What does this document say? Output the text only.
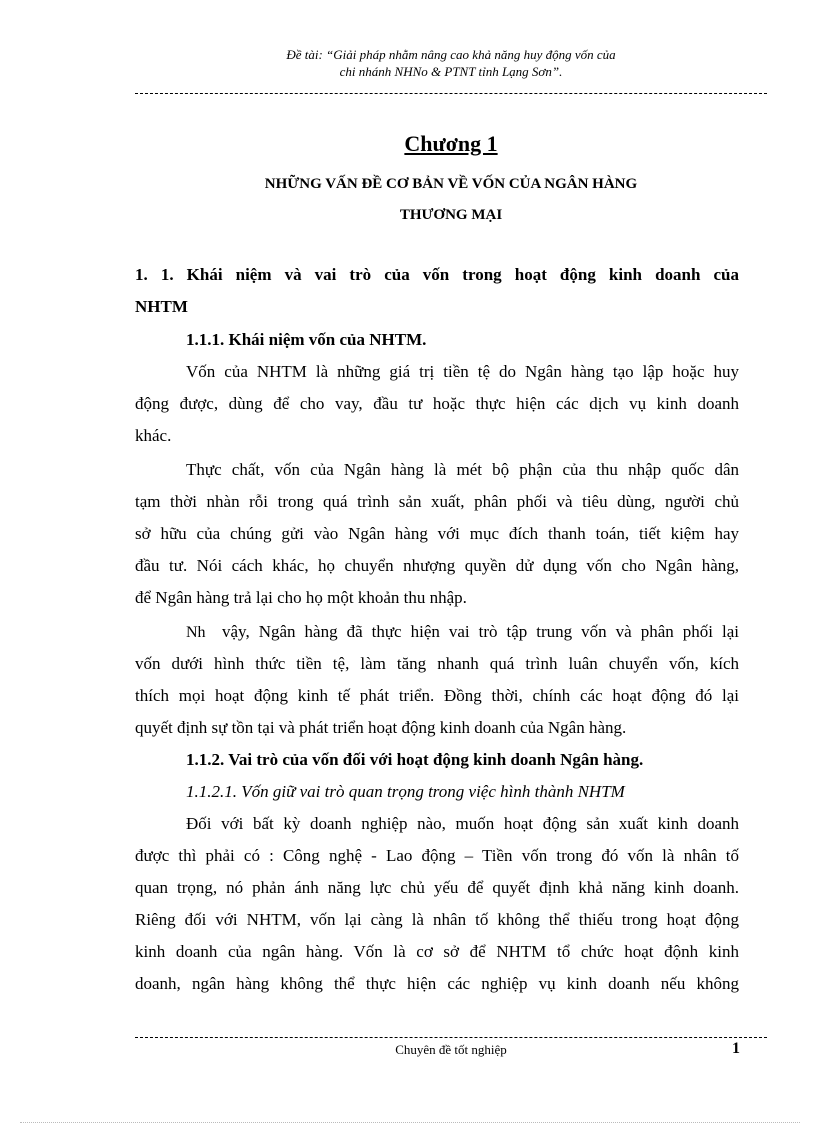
Đề tài: “Giải pháp nhằm nâng cao khả năng huy động vốn của
chi nhánh NHNo & PTNT tỉnh Lạng Sơn”.
Chương 1
NHỮNG VẤN ĐỀ CƠ BẢN VỀ VỐN CỦA NGÂN HÀNG
THƯƠNG MẠI
1. 1. Khái niệm và vai trò của vốn trong hoạt động kinh doanh của
NHTM
1.1.1. Khái niệm vốn của NHTM.
Vốn của NHTM là những giá trị tiền tệ do Ngân hàng tạo lập hoặc huy
động được, dùng để cho vay, đầu tư hoặc thực hiện các dịch vụ kinh doanh
khác.
Thực chất, vốn của Ngân hàng là mét bộ phận của thu nhập quốc dân
tạm thời nhàn rỗi trong quá trình sản xuất, phân phối và tiêu dùng, người chủ
sở hữu của chúng gửi vào Ngân hàng với mục đích thanh toán, tiết kiệm hay
đầu tư. Nói cách khác, họ chuyển nhượng quyền dử dụng vốn cho Ngân hàng,
để Ngân hàng trả lại cho họ một khoản thu nhập.
Nh vậy, Ngân hàng đã thực hiện vai trò tập trung vốn và phân phối lại
vốn dưới hình thức tiền tệ, làm tăng nhanh quá trình luân chuyển vốn, kích
thích mọi hoạt động kinh tế phát triển. Đồng thời, chính các hoạt động đó lại
quyết định sự tồn tại và phát triển hoạt động kinh doanh của Ngân hàng.
1.1.2. Vai trò của vốn đối với hoạt động kinh doanh Ngân hàng.
1.1.2.1. Vốn giữ vai trò quan trọng trong việc hình thành NHTM
Đối với bất kỳ doanh nghiệp nào, muốn hoạt động sản xuất kinh doanh
được thì phải có : Công nghệ - Lao động – Tiền vốn trong đó vốn là nhân tố
quan trọng, nó phản ánh năng lực chủ yếu để quyết định khả năng kinh doanh.
Riêng đối với NHTM, vốn lại càng là nhân tố không thể thiếu trong hoạt động
kinh doanh của ngân hàng. Vốn là cơ sở để NHTM tổ chức hoạt độnh kinh
doanh, ngân hàng không thể thực hiện các nghiệp vụ kinh doanh nếu không
Chuyên đề tốt nghiệp	1
